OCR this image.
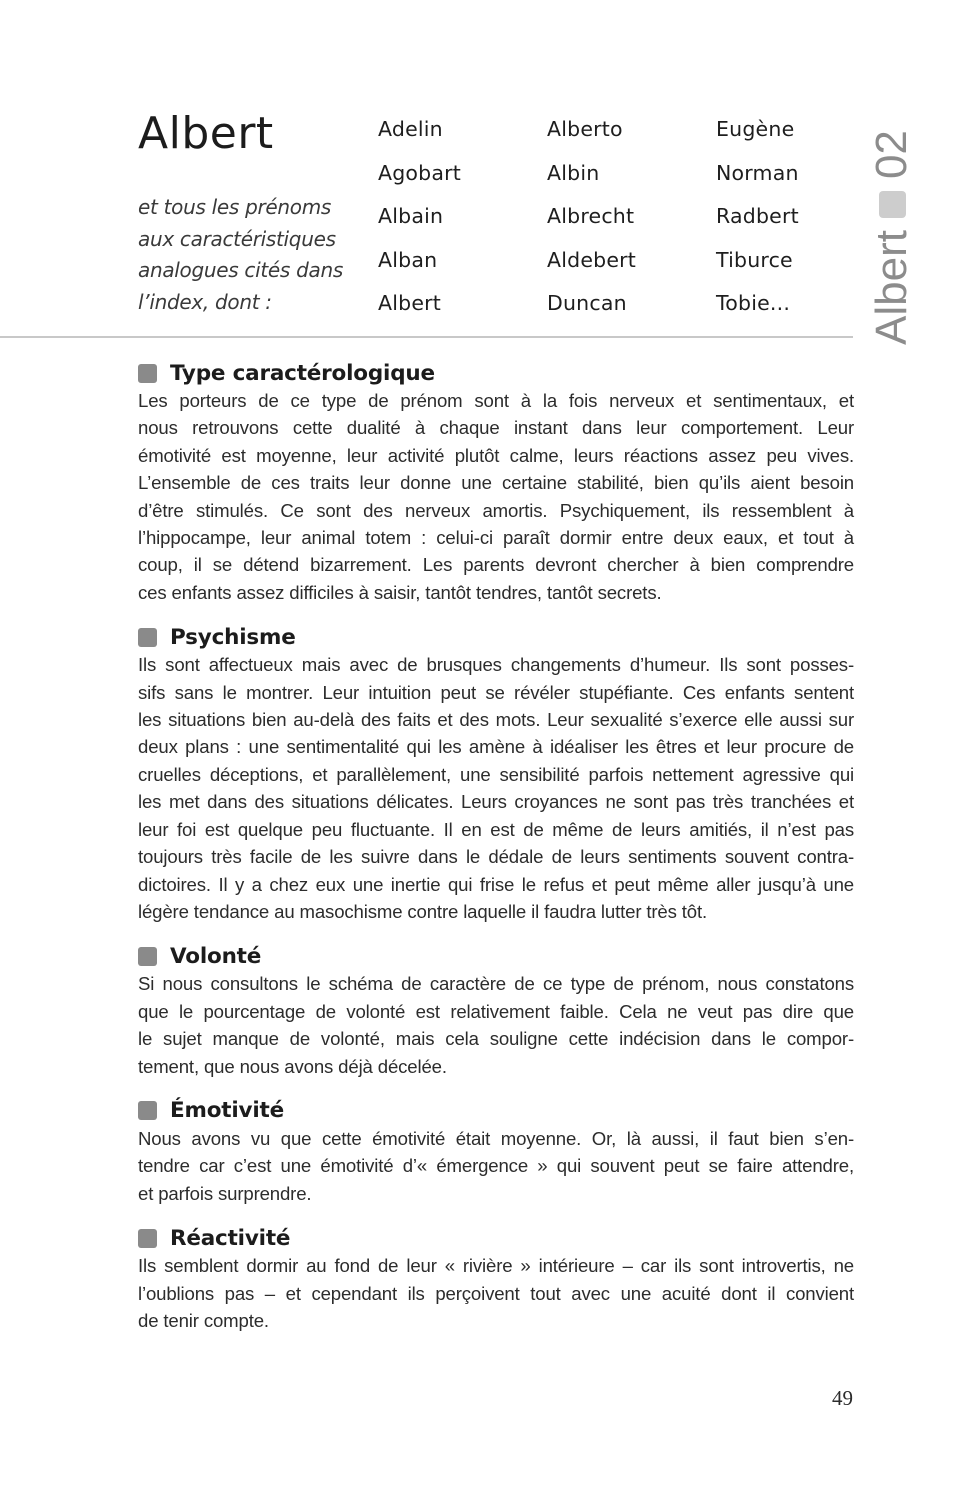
Albert
et tous les prénoms aux caractéristiques analogues cités dans l’index, dont :
Adelin
Agobart
Albain
Alban
Albert
Alberto
Albin
Albrecht
Aldebert
Duncan
Eugène
Norman
Radbert
Tiburce
Tobie... Albert
02
Type caractérologique

Les porteurs de ce type de prénom sont à la fois nerveux et sentimentaux, et
nous retrouvons cette dualité à chaque instant dans leur comportement. Leur
émotivité est moyenne, leur activité plutôt calme, leurs réactions assez peu vives.
L’ensemble de ces traits leur donne une certaine stabilité, bien qu’ils aient besoin
d’être stimulés. Ce sont des nerveux amortis. Psychiquement, ils ressemblent à
l’hippocampe, leur animal totem : celui-ci paraît dormir entre deux eaux, et tout à
coup, il se détend bizarrement. Les parents devront chercher à bien comprendre
ces enfants assez difficiles à saisir, tantôt tendres, tantôt secrets.

Psychisme

Ils sont affectueux mais avec de brusques changements d’humeur. Ils sont posses-
sifs sans le montrer. Leur intuition peut se révéler stupéfiante. Ces enfants sentent
les situations bien au-delà des faits et des mots. Leur sexualité s’exerce elle aussi sur
deux plans : une sentimentalité qui les amène à idéaliser les êtres et leur procure de
cruelles déceptions, et parallèlement, une sensibilité parfois nettement agressive qui
les met dans des situations délicates. Leurs croyances ne sont pas très tranchées et
leur foi est quelque peu fluctuante. Il en est de même de leurs amitiés, il n’est pas
toujours très facile de les suivre dans le dédale de leurs sentiments souvent contra-
dictoires. Il y a chez eux une inertie qui frise le refus et peut même aller jusqu’à une
légère tendance au masochisme contre laquelle il faudra lutter très tôt.

Volonté

Si nous consultons le schéma de caractère de ce type de prénom, nous constatons
que le pourcentage de volonté est relativement faible. Cela ne veut pas dire que
le sujet manque de volonté, mais cela souligne cette indécision dans le compor-
tement, que nous avons déjà décelée.

Émotivité

Nous avons vu que cette émotivité était moyenne. Or, là aussi, il faut bien s’en-
tendre car c’est une émotivité d’« émergence » qui souvent peut se faire attendre,
et parfois surprendre.

Réactivité

Ils semblent dormir au fond de leur « rivière » intérieure – car ils sont introvertis, ne
l’oublions pas – et cependant ils perçoivent tout avec une acuité dont il convient
de tenir compte.

49
